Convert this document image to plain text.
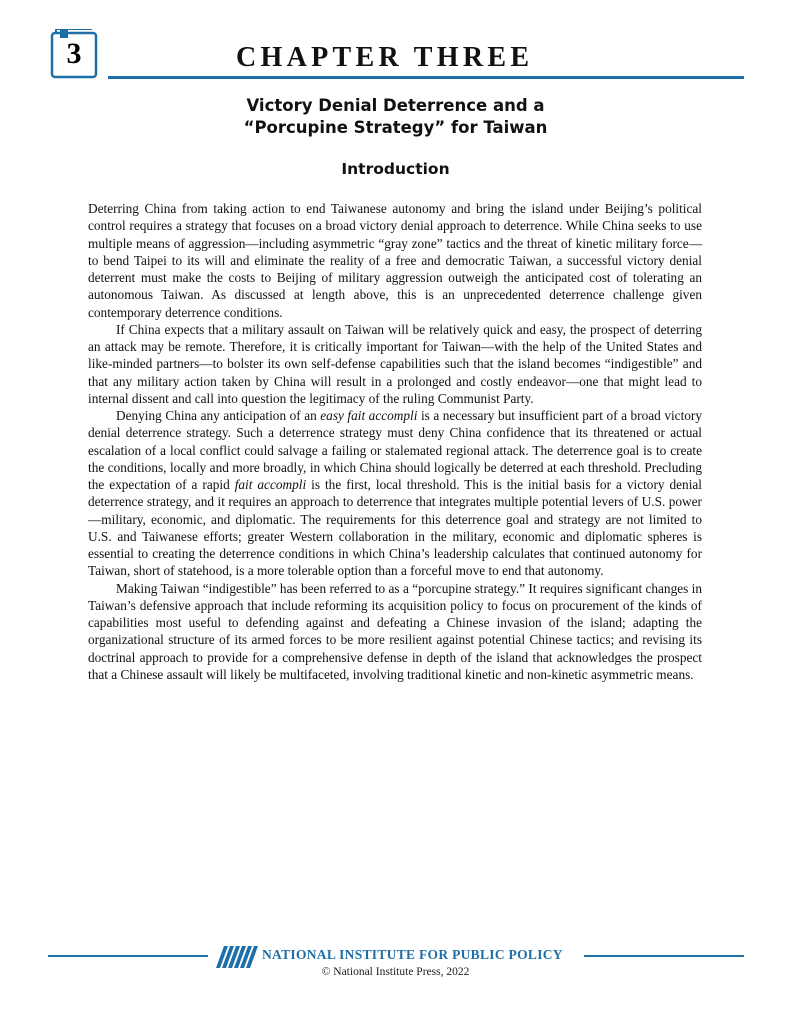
3	CHAPTER THREE
Victory Denial Deterrence and a
“Porcupine Strategy” for Taiwan
Introduction

Deterring China from taking action to end Taiwanese autonomy and bring the island under Beijing’s political control requires a strategy that focuses on a broad victory denial approach to deterrence. While China seeks to use multiple means of aggression—including asymmetric “gray zone” tactics and the threat of kinetic military force—to bend Taipei to its will and eliminate the reality of a free and democratic Taiwan, a successful victory denial deterrent must make the costs to Beijing of military aggression outweigh the anticipated cost of tolerating an autonomous Taiwan. As discussed at length above, this is an unprecedented deterrence challenge given contemporary deterrence conditions.

If China expects that a military assault on Taiwan will be relatively quick and easy, the prospect of deterring an attack may be remote. Therefore, it is critically important for Taiwan—with the help of the United States and like-minded partners—to bolster its own self-defense capabilities such that the island becomes “indigestible” and that any military action taken by China will result in a prolonged and costly endeavor—one that might lead to internal dissent and call into question the legitimacy of the ruling Communist Party.

Denying China any anticipation of an easy fait accompli is a necessary but insufficient part of a broad victory denial deterrence strategy. Such a deterrence strategy must deny China confidence that its threatened or actual escalation of a local conflict could salvage a failing or stalemated regional attack. The deterrence goal is to create the conditions, locally and more broadly, in which China should logically be deterred at each threshold. Precluding the expectation of a rapid fait accompli is the first, local threshold. This is the initial basis for a victory denial deterrence strategy, and it requires an approach to deterrence that integrates multiple potential levers of U.S. power—military, economic, and diplomatic. The requirements for this deterrence goal and strategy are not limited to U.S. and Taiwanese efforts; greater Western collaboration in the military, economic and diplomatic spheres is essential to creating the deterrence conditions in which China’s leadership calculates that continued autonomy for Taiwan, short of statehood, is a more tolerable option than a forceful move to end that autonomy.

Making Taiwan “indigestible” has been referred to as a “porcupine strategy.” It requires significant changes in Taiwan’s defensive approach that include reforming its acquisition policy to focus on procurement of the kinds of capabilities most useful to defending against and defeating a Chinese invasion of the island; adapting the organizational structure of its armed forces to be more resilient against potential Chinese tactics; and revising its doctrinal approach to provide for a comprehensive defense in depth of the island that acknowledges the prospect that a Chinese assault will likely be multifaceted, involving traditional kinetic and non-kinetic asymmetric means.

NATIONAL INSTITUTE FOR PUBLIC POLICY
© National Institute Press, 2022
